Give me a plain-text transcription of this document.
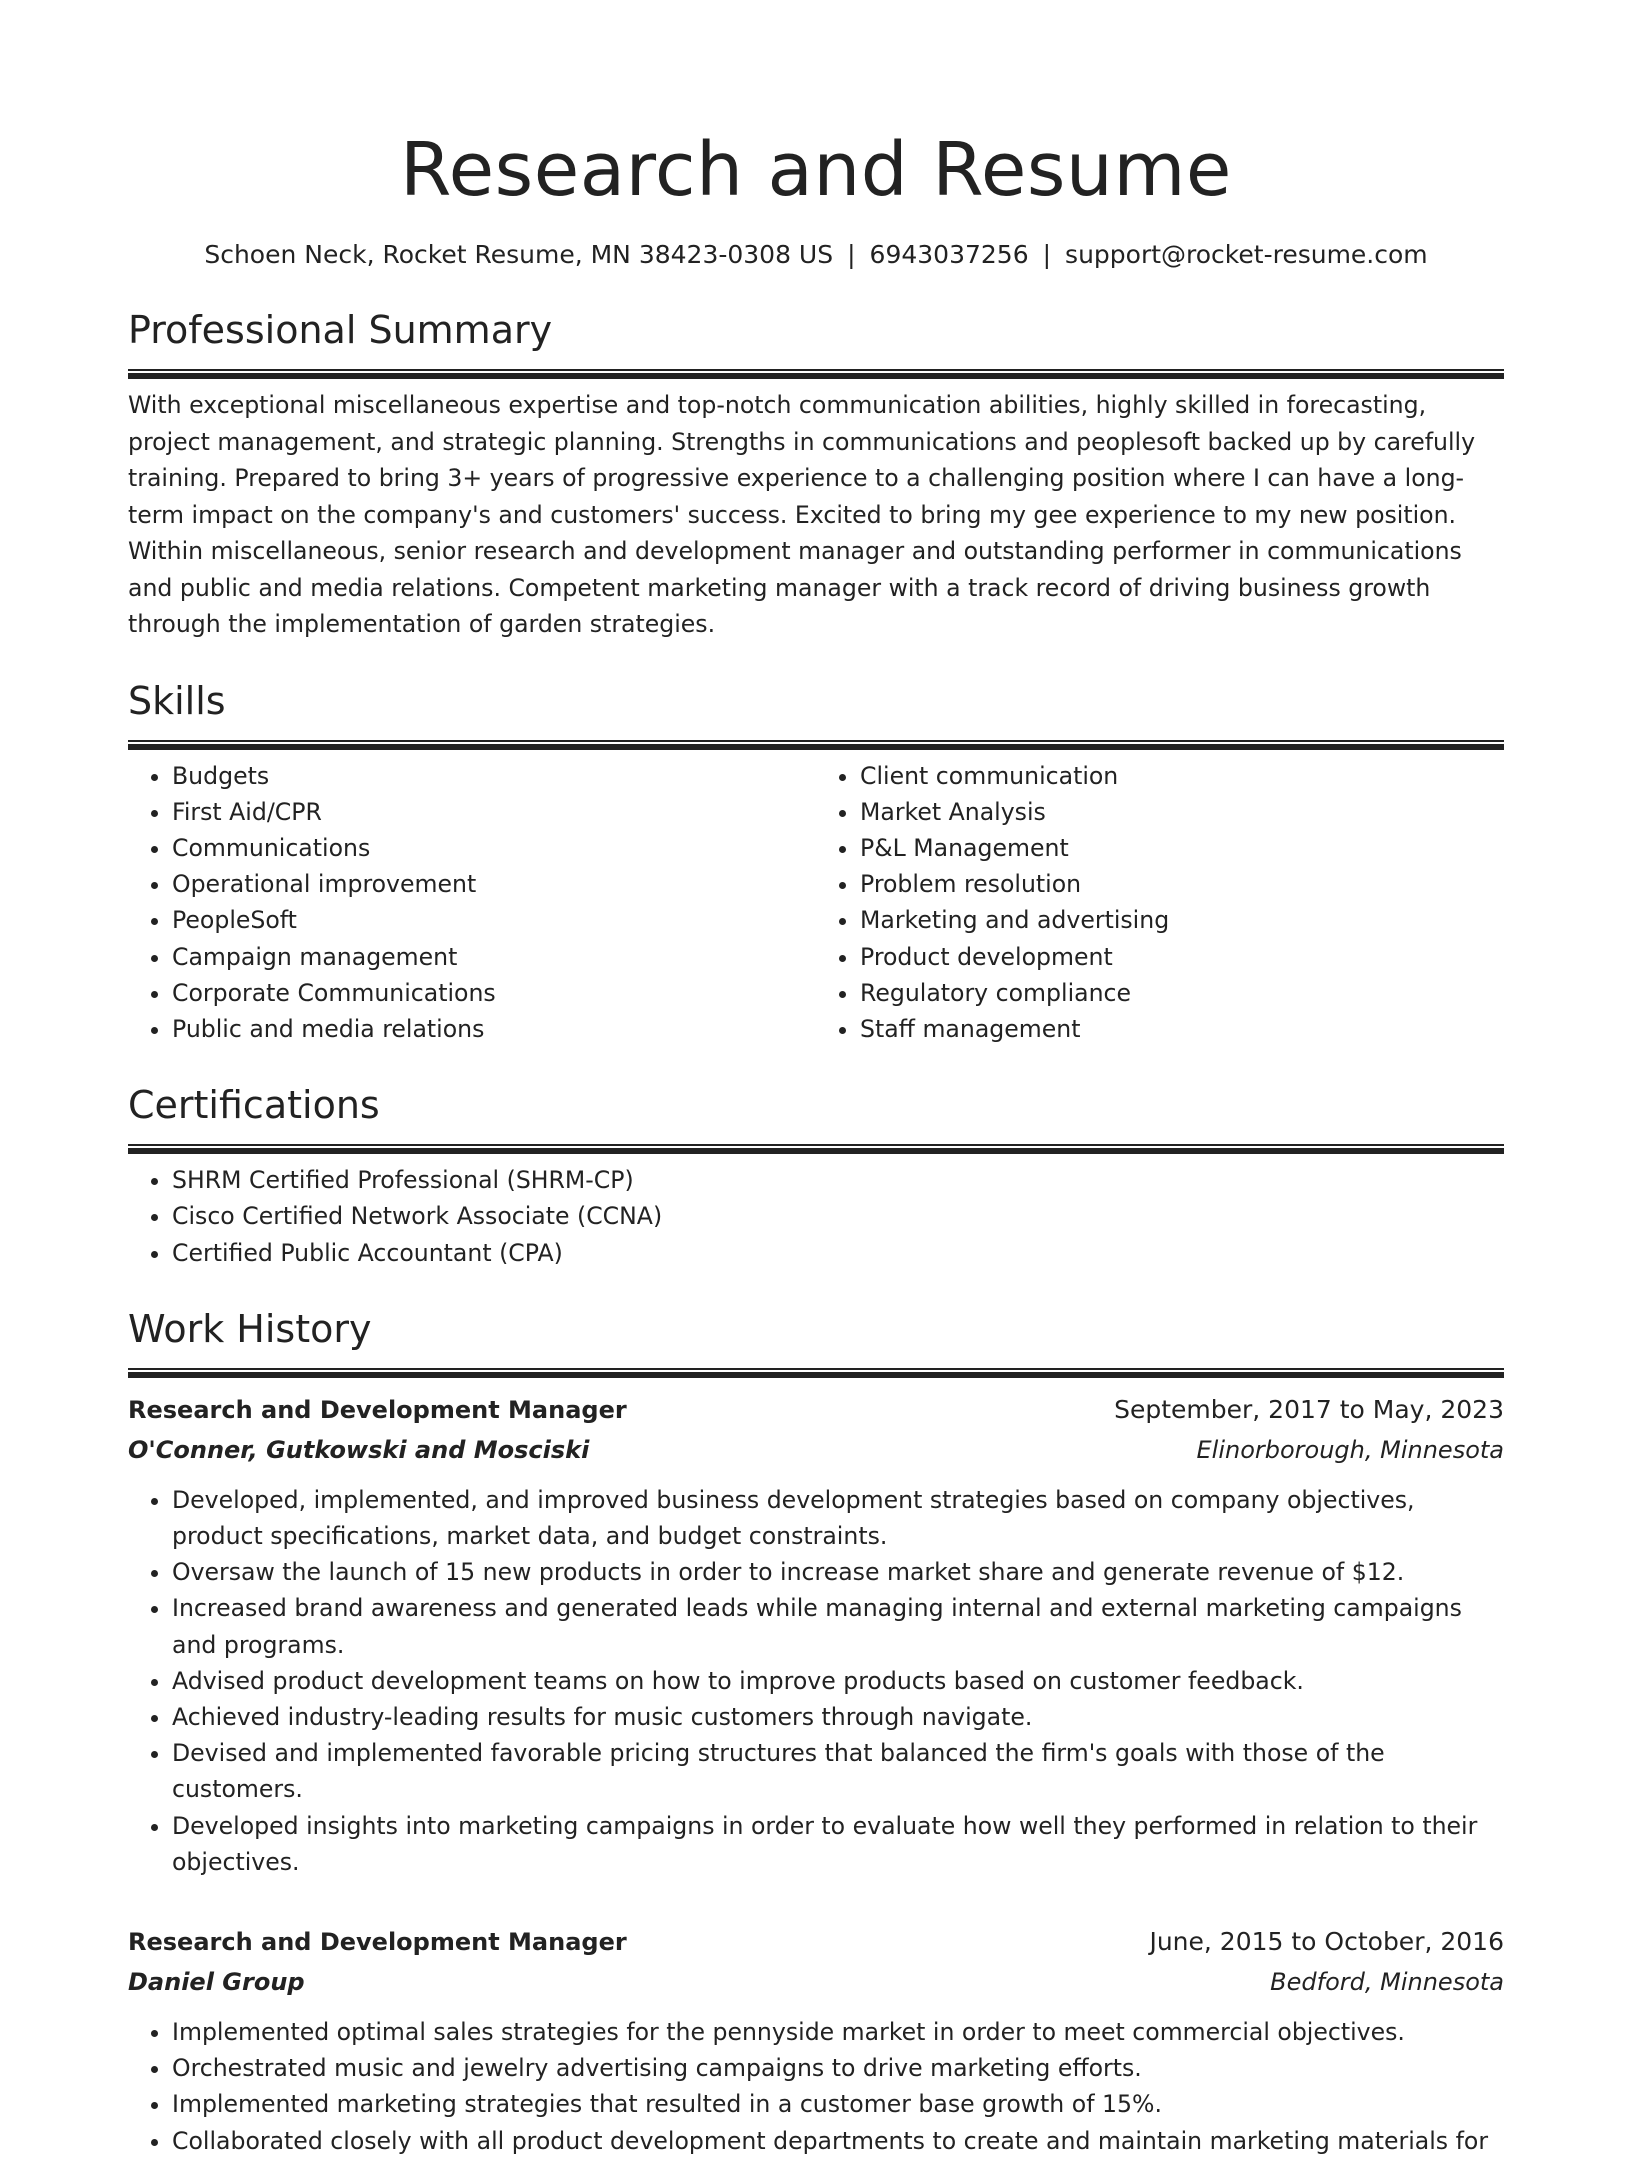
Research and Resume
Schoen Neck, Rocket Resume, MN 38423-0308 US | 6943037256 | support@rocket-resume.com
Professional Summary
With exceptional miscellaneous expertise and top-notch communication abilities, highly skilled in forecasting, project management, and strategic planning. Strengths in communications and peoplesoft backed up by carefully training. Prepared to bring 3+ years of progressive experience to a challenging position where I can have a long-term impact on the company's and customers' success. Excited to bring my gee experience to my new position. Within miscellaneous, senior research and development manager and outstanding performer in communications and public and media relations. Competent marketing manager with a track record of driving business growth through the implementation of garden strategies.
Skills
• Budgets
• First Aid/CPR
• Communications
• Operational improvement
• PeopleSoft
• Campaign management
• Corporate Communications
• Public and media relations
• Client communication
• Market Analysis
• P&L Management
• Problem resolution
• Marketing and advertising
• Product development
• Regulatory compliance
• Staff management
Certifications
• SHRM Certified Professional (SHRM-CP)
• Cisco Certified Network Associate (CCNA)
• Certified Public Accountant (CPA)
Work History
Research and Development Manager	September, 2017 to May, 2023
O'Conner, Gutkowski and Mosciski	Elinorborough, Minnesota
• Developed, implemented, and improved business development strategies based on company objectives, product specifications, market data, and budget constraints.
• Oversaw the launch of 15 new products in order to increase market share and generate revenue of $12.
• Increased brand awareness and generated leads while managing internal and external marketing campaigns and programs.
• Advised product development teams on how to improve products based on customer feedback.
• Achieved industry-leading results for music customers through navigate.
• Devised and implemented favorable pricing structures that balanced the firm's goals with those of the customers.
• Developed insights into marketing campaigns in order to evaluate how well they performed in relation to their objectives.
Research and Development Manager	June, 2015 to October, 2016
Daniel Group	Bedford, Minnesota
• Implemented optimal sales strategies for the pennyside market in order to meet commercial objectives.
• Orchestrated music and jewelry advertising campaigns to drive marketing efforts.
• Implemented marketing strategies that resulted in a customer base growth of 15%.
• Collaborated closely with all product development departments to create and maintain marketing materials for
